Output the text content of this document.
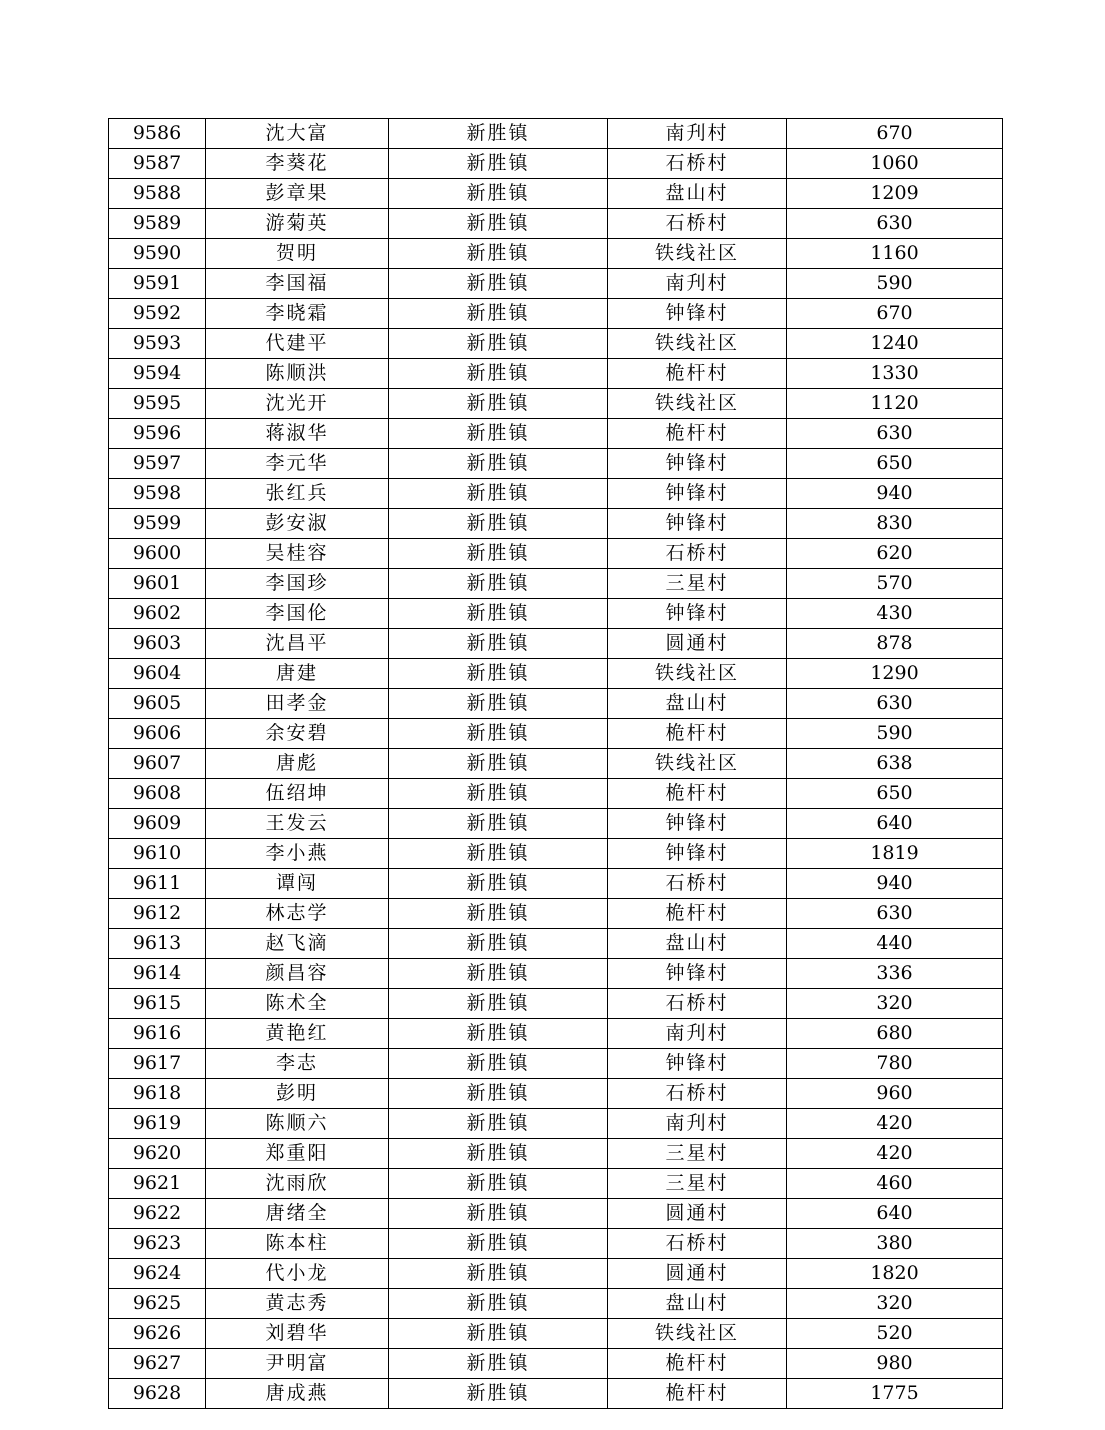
9586	沈大富	新胜镇	南刋村	670
9587	李葵花	新胜镇	石桥村	1060
9588	彭章果	新胜镇	盘山村	1209
9589	游菊英	新胜镇	石桥村	630
9590	贺明	新胜镇	铁线社区	1160
9591	李国福	新胜镇	南刋村	590
9592	李晓霜	新胜镇	钟锋村	670
9593	代建平	新胜镇	铁线社区	1240
9594	陈顺洪	新胜镇	桅杆村	1330
9595	沈光开	新胜镇	铁线社区	1120
9596	蒋淑华	新胜镇	桅杆村	630
9597	李元华	新胜镇	钟锋村	650
9598	张红兵	新胜镇	钟锋村	940
9599	彭安淑	新胜镇	钟锋村	830
9600	吴桂容	新胜镇	石桥村	620
9601	李国珍	新胜镇	三星村	570
9602	李国伦	新胜镇	钟锋村	430
9603	沈昌平	新胜镇	圆通村	878
9604	唐建	新胜镇	铁线社区	1290
9605	田孝金	新胜镇	盘山村	630
9606	余安碧	新胜镇	桅杆村	590
9607	唐彪	新胜镇	铁线社区	638
9608	伍绍坤	新胜镇	桅杆村	650
9609	王发云	新胜镇	钟锋村	640
9610	李小燕	新胜镇	钟锋村	1819
9611	谭闯	新胜镇	石桥村	940
9612	林志学	新胜镇	桅杆村	630
9613	赵飞滴	新胜镇	盘山村	440
9614	颜昌容	新胜镇	钟锋村	336
9615	陈术全	新胜镇	石桥村	320
9616	黄艳红	新胜镇	南刋村	680
9617	李志	新胜镇	钟锋村	780
9618	彭明	新胜镇	石桥村	960
9619	陈顺六	新胜镇	南刋村	420
9620	郑重阳	新胜镇	三星村	420
9621	沈雨欣	新胜镇	三星村	460
9622	唐绪全	新胜镇	圆通村	640
9623	陈本柱	新胜镇	石桥村	380
9624	代小龙	新胜镇	圆通村	1820
9625	黄志秀	新胜镇	盘山村	320
9626	刘碧华	新胜镇	铁线社区	520
9627	尹明富	新胜镇	桅杆村	980
9628	唐成燕	新胜镇	桅杆村	1775
